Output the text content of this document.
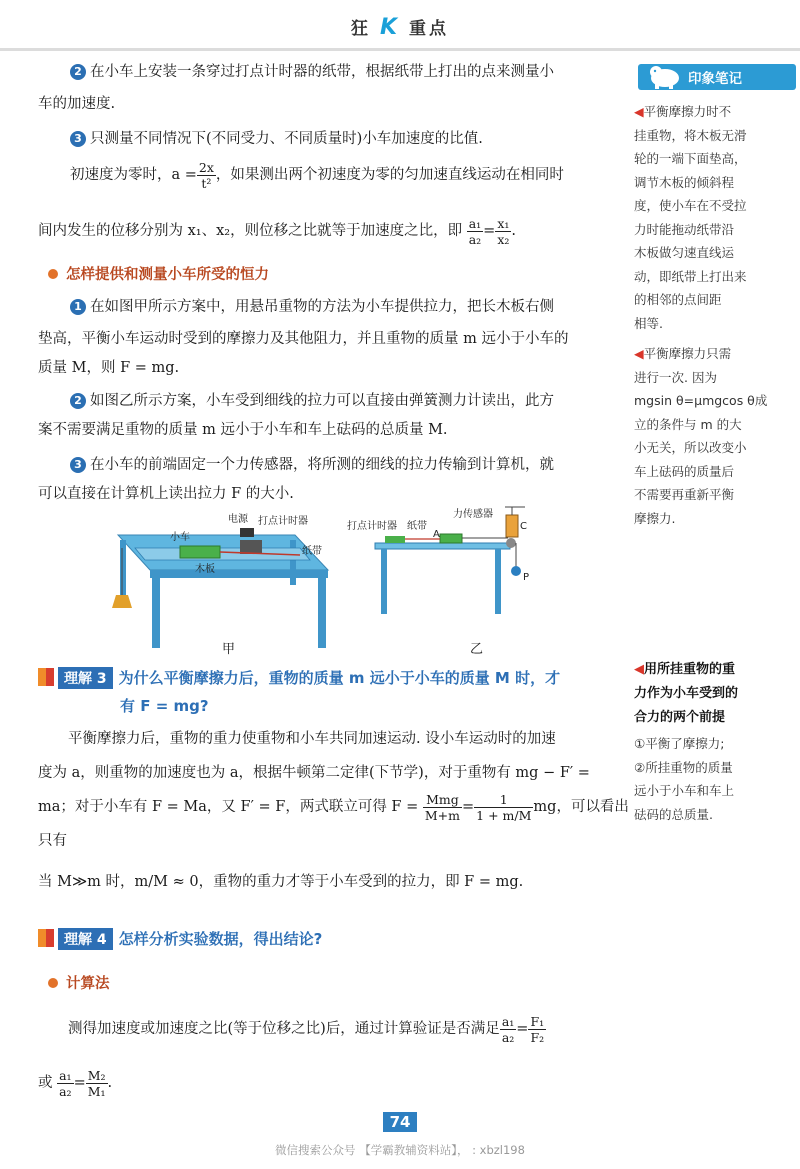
狂 K 重点
2 在小车上安装一条穿过打点计时器的纸带，根据纸带上打出的点来测量小
车的加速度.
3 只测量不同情况下(不同受力、不同质量时)小车加速度的比值.
初速度为零时，$a = \frac{2x}{\text{t²}}$ ，如果测出两个初速度为零的匀加速直线运动在相同时
间内发生的位移分别为 x₁、x₂，则位移之比就等于加速度之比，即 $\frac{\text{a₁}}{\text{a₂}} = \frac{\text{x₁}}{\text{x₂}}$ .
怎样提供和测量小车所受的恒力
1 在如图甲所示方案中，用悬吊重物的方法为小车提供拉力，把长木板右侧
垫高，平衡小车运动时受到的摩擦力及其他阻力，并且重物的质量 m 远小于小车的
质量 M，则 F = mg.
2 如图乙所示方案，小车受到细线的拉力可以直接由弹簧测力计读出，此方
案不需要满足重物的质量 m 远小于小车和车上砝码的总质量 M.
3 在小车的前端固定一个力传感器，将所测的细线的拉力传输到计算机，就
可以直接在计算机上读出拉力 F 的大小.
电源
小车
打点计时器
纸带
木板
甲
打点计时器 纸带
力传感器
A
C
P
乙
理解 3 为什么平衡摩擦力后，重物的质量 m 远小于小车的质量 M 时，才
有 F = mg?
平衡摩擦力后，重物的重力使重物和小车共同加速运动. 设小车运动时的加速
度为 a，则重物的加速度也为 a，根据牛顿第二定律(下节学)，对于重物有 mg − F′ =
ma；对于小车有 F = Ma，又 F′ = F，两式联立可得 $F = \frac{\text{Mmg}}{M+m} = \frac{1}{1 + m/M}$ mg，可以看出只有
当 M≫m 时，m/M ≈ 0，重物的重力才等于小车受到的拉力，即 F = mg.
理解 4 怎样分析实验数据，得出结论?
计算法
测得加速度或加速度之比(等于位移之比)后，通过计算验证是否满足 $\frac{\text{a₁}}{\text{a₂}} = \frac{\text{F₁}}{\text{F₂}}$
或 $\frac{\text{a₁}}{\text{a₂}} = \frac{\text{M₂}}{\text{M₁}}$ .
印象笔记
◀平衡摩擦力时不
挂重物，将木板无滑
轮的一端下面垫高，
调节木板的倾斜程
度，使小车在不受拉
力时能拖动纸带沿
木板做匀速直线运
动，即纸带上打出来
的相邻的点间距
相等.
◀平衡摩擦力只需
进行一次. 因为
mgsin θ=μmgcos θ成
立的条件与 m 的大
小无关，所以改变小
车上砝码的质量后
不需要再重新平衡
摩擦力.
◀用所挂重物的重
力作为小车受到的
合力的两个前提
①平衡了摩擦力;
②所挂重物的质量
远小于小车和车上
砝码的总质量.
74
微信搜索公众号 【学霸教辅资料站】， : xbzl198
